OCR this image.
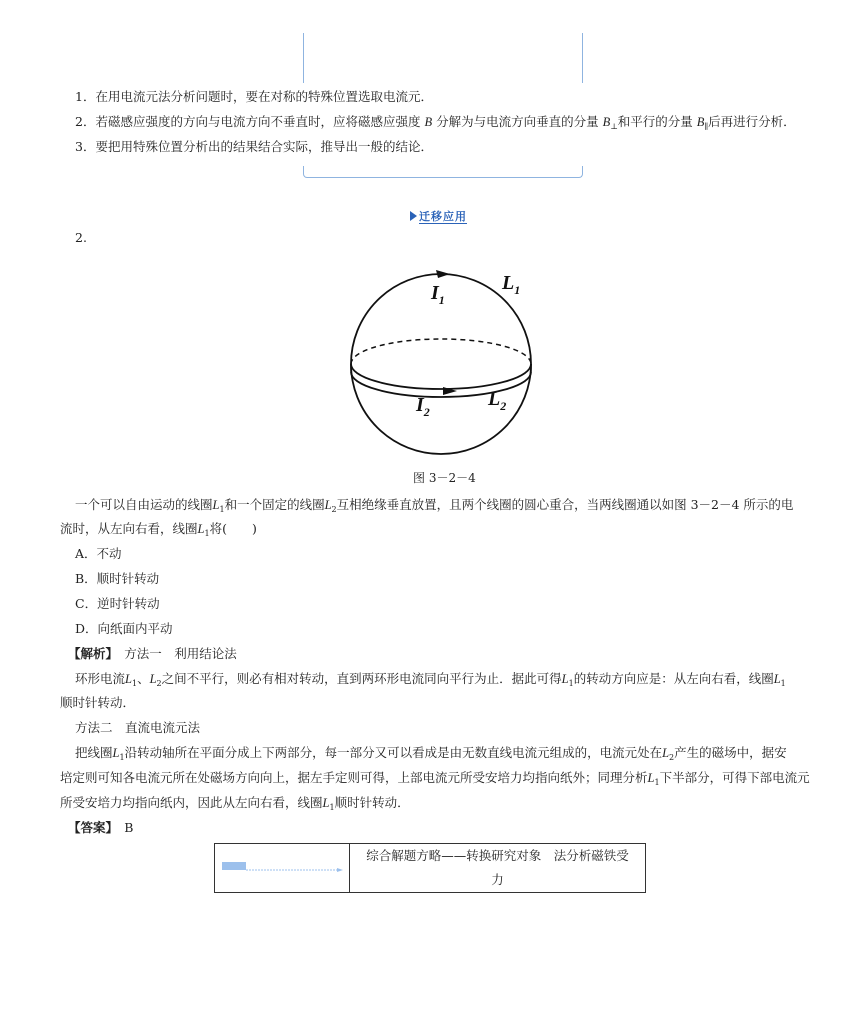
1．在用电流元法分析问题时，要在对称的特殊位置选取电流元．
2．若磁感应强度的方向与电流方向不垂直时，应将磁感应强度 B 分解为与电流方向垂直的分量 $B_\perp$和平行的分量 $B_\parallel$后再进行分析．
3．要把用特殊位置分析出的结果结合实际，推导出一般的结论．
迁移应用
2.
$I_1$
$L_1$
$I_2$
$L_2$
图 3－2－4
一个可以自由运动的线圈$L_1$和一个固定的线圈$L_2$互相绝缘垂直放置，且两个线圈的圆心重合，当两线圈通以如图 3－2－4 所示的电
流时，从左向右看，线圈$L_1$将(　　)
A．不动
B．顺时针转动
C．逆时针转动
D．向纸面内平动
【解析】　 方法一　利用结论法
环形电流$L_1$、$L_2$之间不平行，则必有相对转动，直到两环形电流同向平行为止．据此可得$L_1$的转动方向应是：从左向右看，线圈$L_1$
顺时针转动．
方法二　直流电流元法
把线圈$L_1$沿转动轴所在平面分成上下两部分，每一部分又可以看成是由无数直线电流元组成的，电流元处在$L_2$产生的磁场中，据安
培定则可知各电流元所在处磁场方向向上，据左手定则可得，上部电流元所受安培力均指向纸外；同理分析$L_1$下半部分，可得下部电流元
所受安培力均指向纸内，因此从左向右看，线圈$L_1$顺时针转动．
【答案】　 B

综合解题方略——转换研究对象　法分析磁铁受
力
